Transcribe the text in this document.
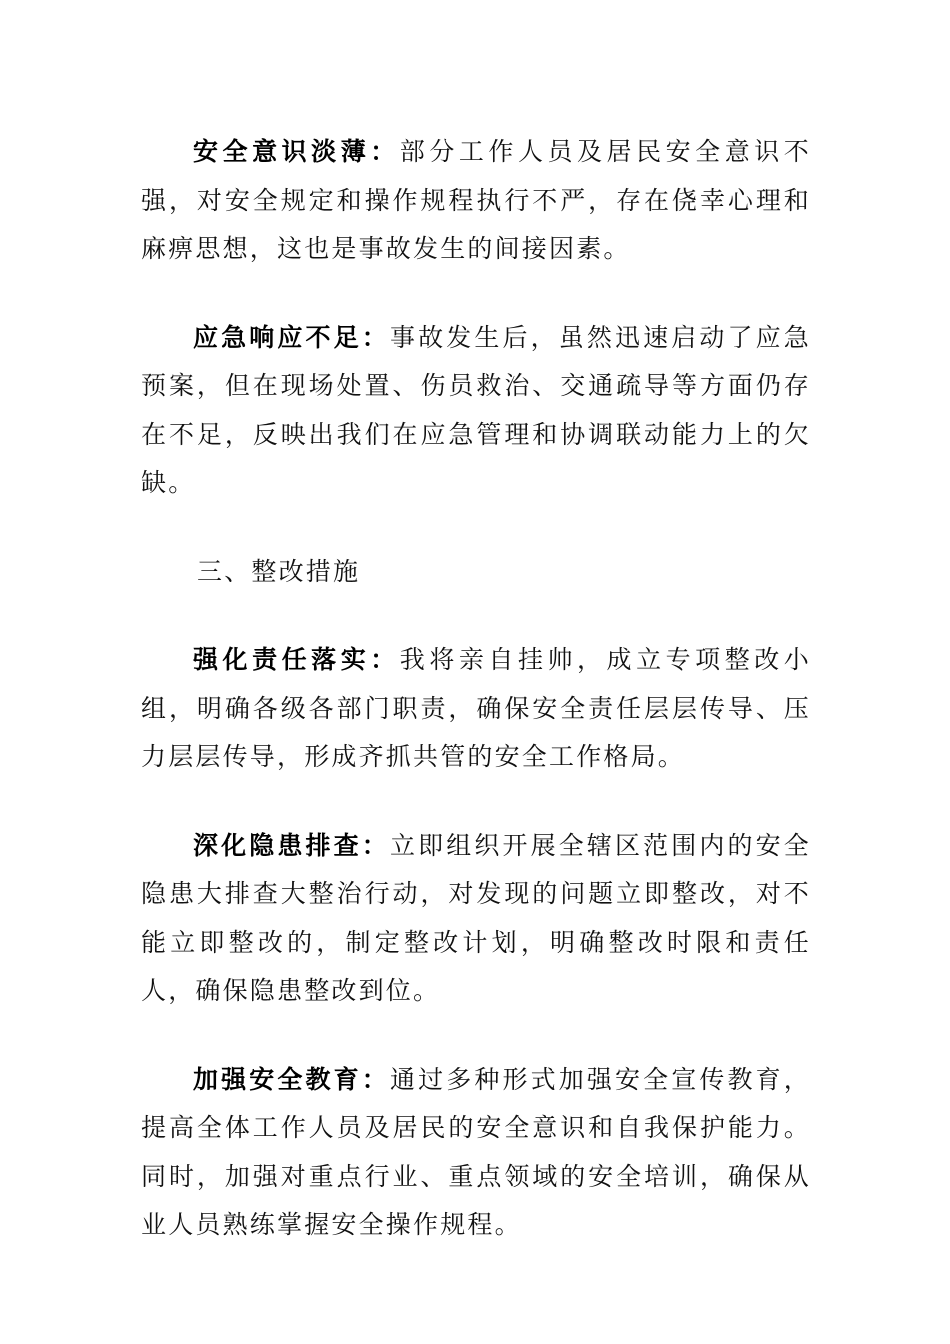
安全意识淡薄：部分工作人员及居民安全意识不强，对安全规定和操作规程执行不严，存在侥幸心理和麻痹思想，这也是事故发生的间接因素。

应急响应不足：事故发生后，虽然迅速启动了应急预案，但在现场处置、伤员救治、交通疏导等方面仍存在不足，反映出我们在应急管理和协调联动能力上的欠缺。

三、整改措施

强化责任落实：我将亲自挂帅，成立专项整改小组，明确各级各部门职责，确保安全责任层层传导、压力层层传导，形成齐抓共管的安全工作格局。

深化隐患排查：立即组织开展全辖区范围内的安全隐患大排查大整治行动，对发现的问题立即整改，对不能立即整改的，制定整改计划，明确整改时限和责任人，确保隐患整改到位。

加强安全教育：通过多种形式加强安全宣传教育，提高全体工作人员及居民的安全意识和自我保护能力。同时，加强对重点行业、重点领域的安全培训，确保从业人员熟练掌握安全操作规程。
